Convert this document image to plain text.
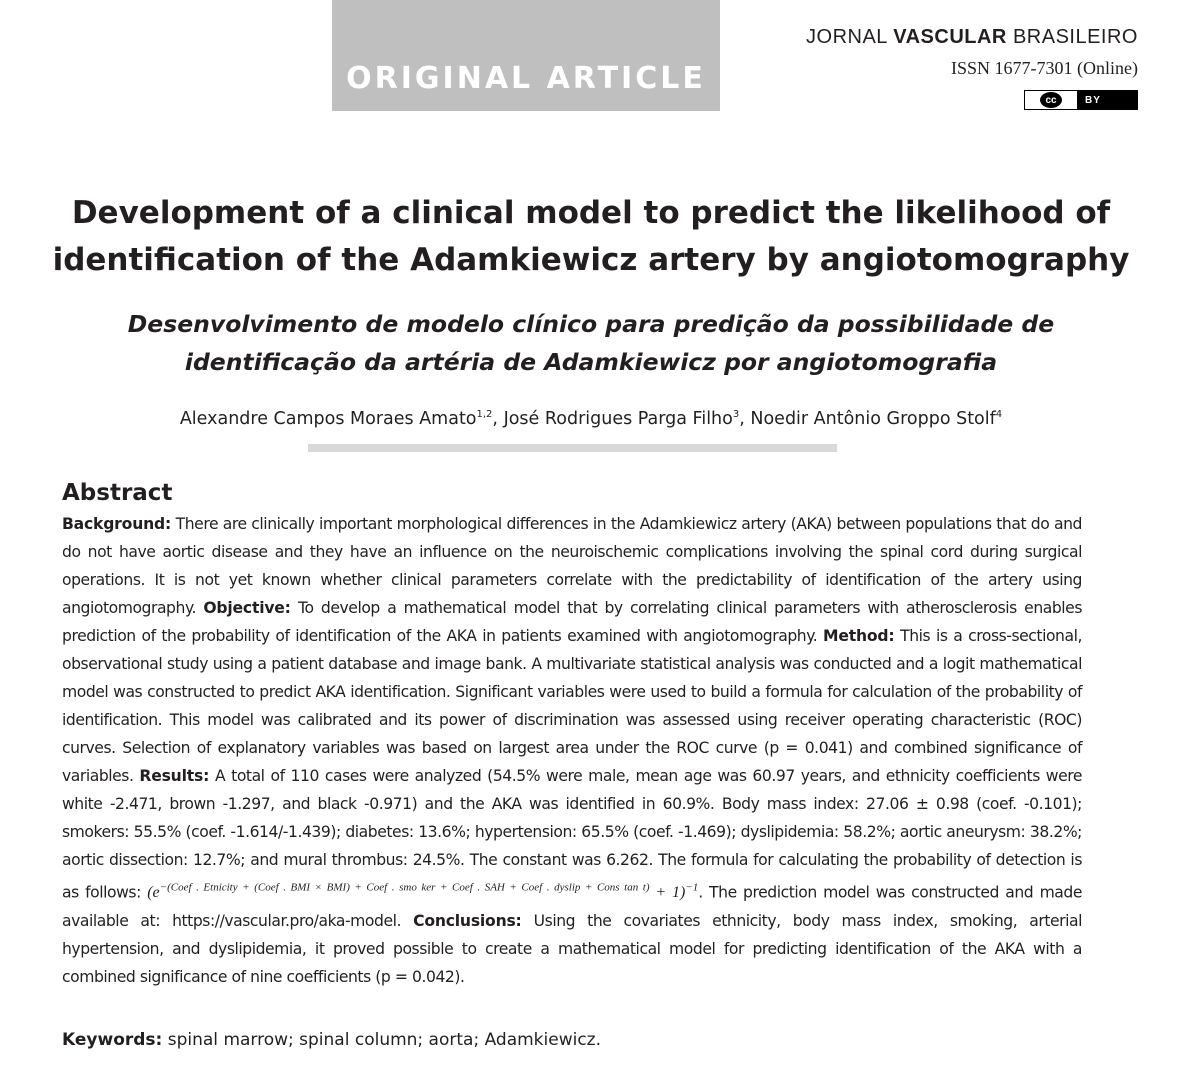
ORIGINAL ARTICLE
JORNAL VASCULAR BRASILEIRO
ISSN 1677-7301 (Online)
cc	BY
Development of a clinical model to predict the likelihood of identification of the Adamkiewicz artery by angiotomography
Desenvolvimento de modelo clínico para predição da possibilidade de identificação da artéria de Adamkiewicz por angiotomografia
Alexandre Campos Moraes Amato$^{1,2}$, José Rodrigues Parga Filho$^3$, Noedir Antônio Groppo Stolf$^4$
Abstract

Background: There are clinically important morphological differences in the Adamkiewicz artery (AKA) between populations that do and do not have aortic disease and they have an influence on the neuroischemic complications involving the spinal cord during surgical operations. It is not yet known whether clinical parameters correlate with the predictability of identification of the artery using angiotomography. Objective: To develop a mathematical model that by correlating clinical parameters with atherosclerosis enables prediction of the probability of identification of the AKA in patients examined with angiotomography. Method: This is a cross-sectional, observational study using a patient database and image bank. A multivariate statistical analysis was conducted and a logit mathematical model was constructed to predict AKA identification. Significant variables were used to build a formula for calculation of the probability of identification. This model was calibrated and its power of discrimination was assessed using receiver operating characteristic (ROC) curves. Selection of explanatory variables was based on largest area under the ROC curve (p = 0.041) and combined significance of variables. Results: A total of 110 cases were analyzed (54.5% were male, mean age was 60.97 years, and ethnicity coefficients were white -2.471, brown -1.297, and black -0.971) and the AKA was identified in 60.9%. Body mass index: 27.06 ± 0.98 (coef. -0.101); smokers: 55.5% (coef. -1.614/-1.439); diabetes: 13.6%; hypertension: 65.5% (coef. -1.469); dyslipidemia: 58.2%; aortic aneurysm: 38.2%; aortic dissection: 12.7%; and mural thrombus: 24.5%. The constant was 6.262. The formula for calculating the probability of detection is as follows: $(e^{-(Coef . Etnicity + (Coef . BMI \times BMI) + Coef . smo ker + Coef . SAH + Coef . dyslip + Cons tan t)} + 1)^{-1}$. The prediction model was constructed and made available at: https://vascular.pro/aka-model. Conclusions: Using the covariates ethnicity, body mass index, smoking, arterial hypertension, and dyslipidemia, it proved possible to create a mathematical model for predicting identification of the AKA with a combined significance of nine coefficients (p = 0.042).

Keywords: spinal marrow; spinal column; aorta; Adamkiewicz.
